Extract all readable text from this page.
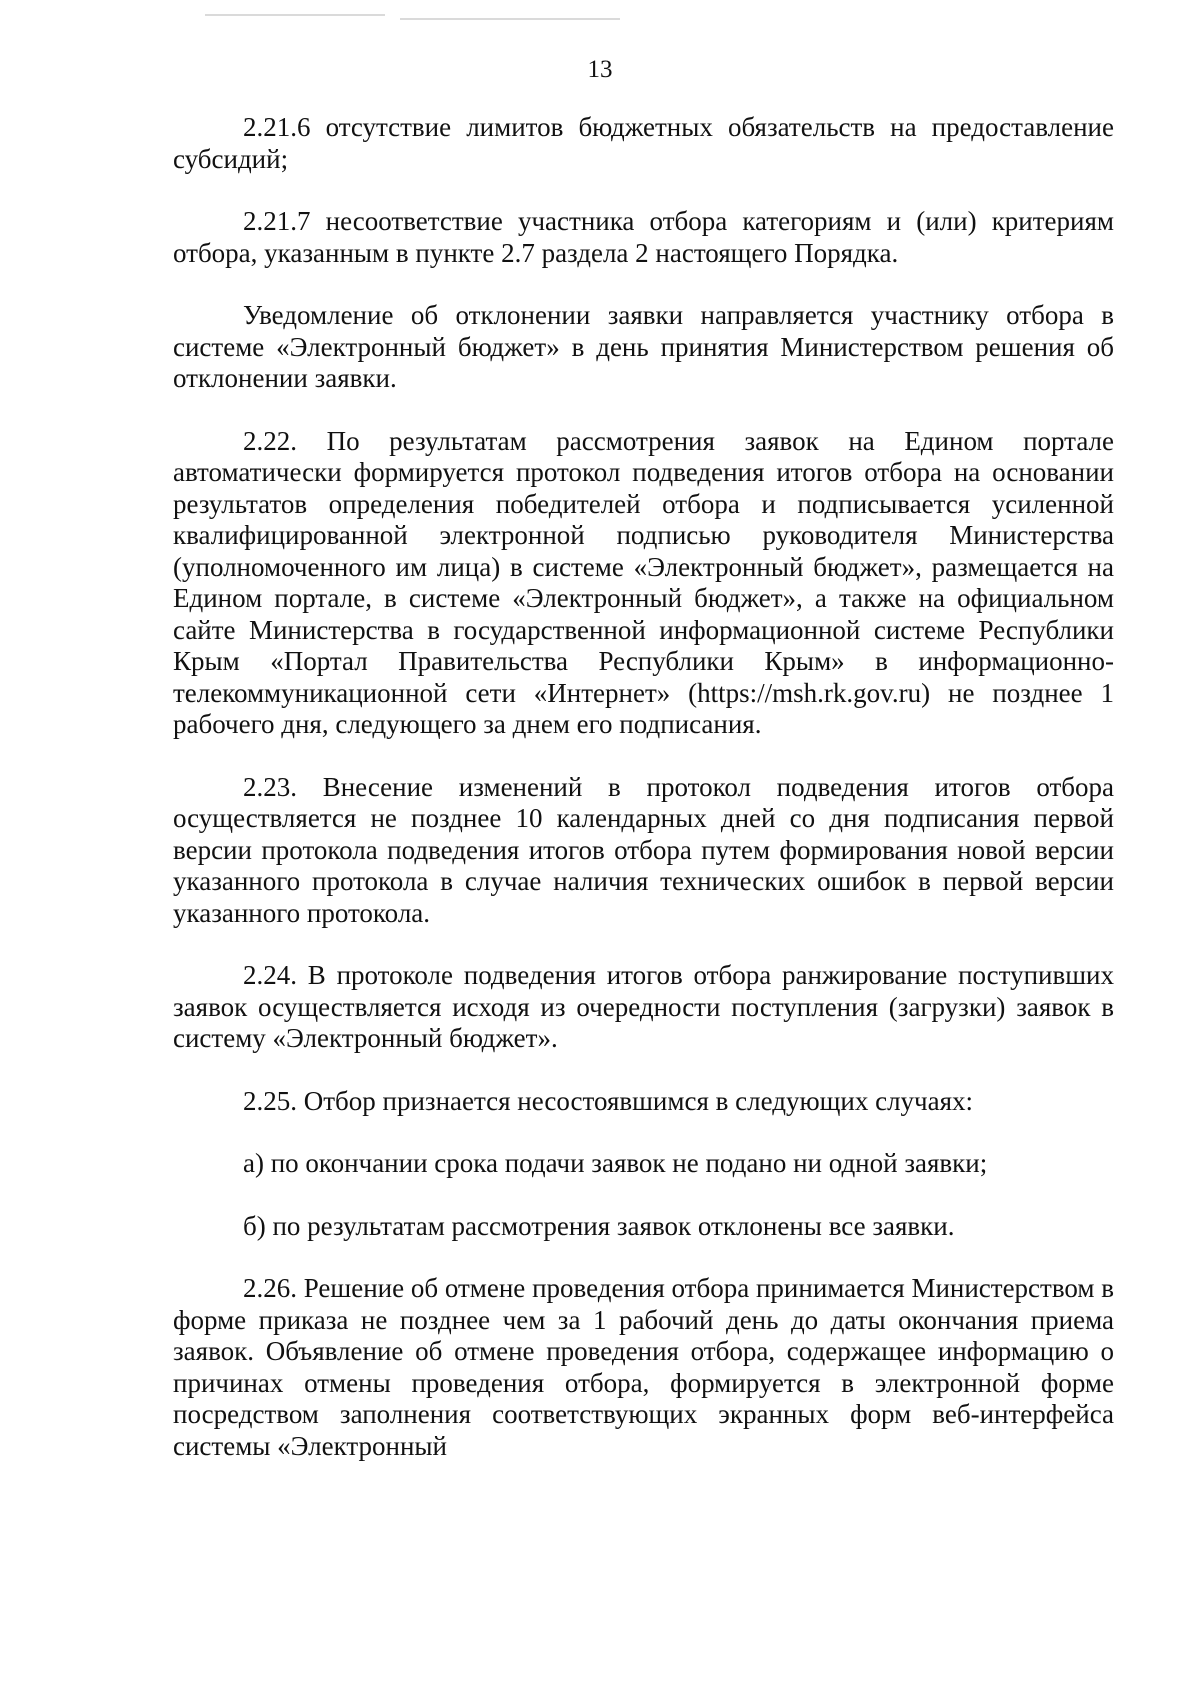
13

2.21.6 отсутствие лимитов бюджетных обязательств на предоставление субсидий;

2.21.7 несоответствие участника отбора категориям и (или) критериям отбора, указанным в пункте 2.7 раздела 2 настоящего Порядка.

Уведомление об отклонении заявки направляется участнику отбора в системе «Электронный бюджет» в день принятия Министерством решения об отклонении заявки.

2.22. По результатам рассмотрения заявок на Едином портале автоматически формируется протокол подведения итогов отбора на основании результатов определения победителей отбора и подписывается усиленной квалифицированной электронной подписью руководителя Министерства (уполномоченного им лица) в системе «Электронный бюджет», размещается на Едином портале, в системе «Электронный бюджет», а также на официальном сайте Министерства в государственной информационной системе Республики Крым «Портал Правительства Республики Крым» в информационно-телекоммуникационной сети «Интернет» (https://msh.rk.gov.ru) не позднее 1 рабочего дня, следующего за днем его подписания.

2.23. Внесение изменений в протокол подведения итогов отбора осуществляется не позднее 10 календарных дней со дня подписания первой версии протокола подведения итогов отбора путем формирования новой версии указанного протокола в случае наличия технических ошибок в первой версии указанного протокола.

2.24. В протоколе подведения итогов отбора ранжирование поступивших заявок осуществляется исходя из очередности поступления (загрузки) заявок в систему «Электронный бюджет».

2.25. Отбор признается несостоявшимся в следующих случаях:

а) по окончании срока подачи заявок не подано ни одной заявки;

б) по результатам рассмотрения заявок отклонены все заявки.

2.26. Решение об отмене проведения отбора принимается Министерством в форме приказа не позднее чем за 1 рабочий день до даты окончания приема заявок. Объявление об отмене проведения отбора, содержащее информацию о причинах отмены проведения отбора, формируется в электронной форме посредством заполнения соответствующих экранных форм веб-интерфейса системы «Электронный
